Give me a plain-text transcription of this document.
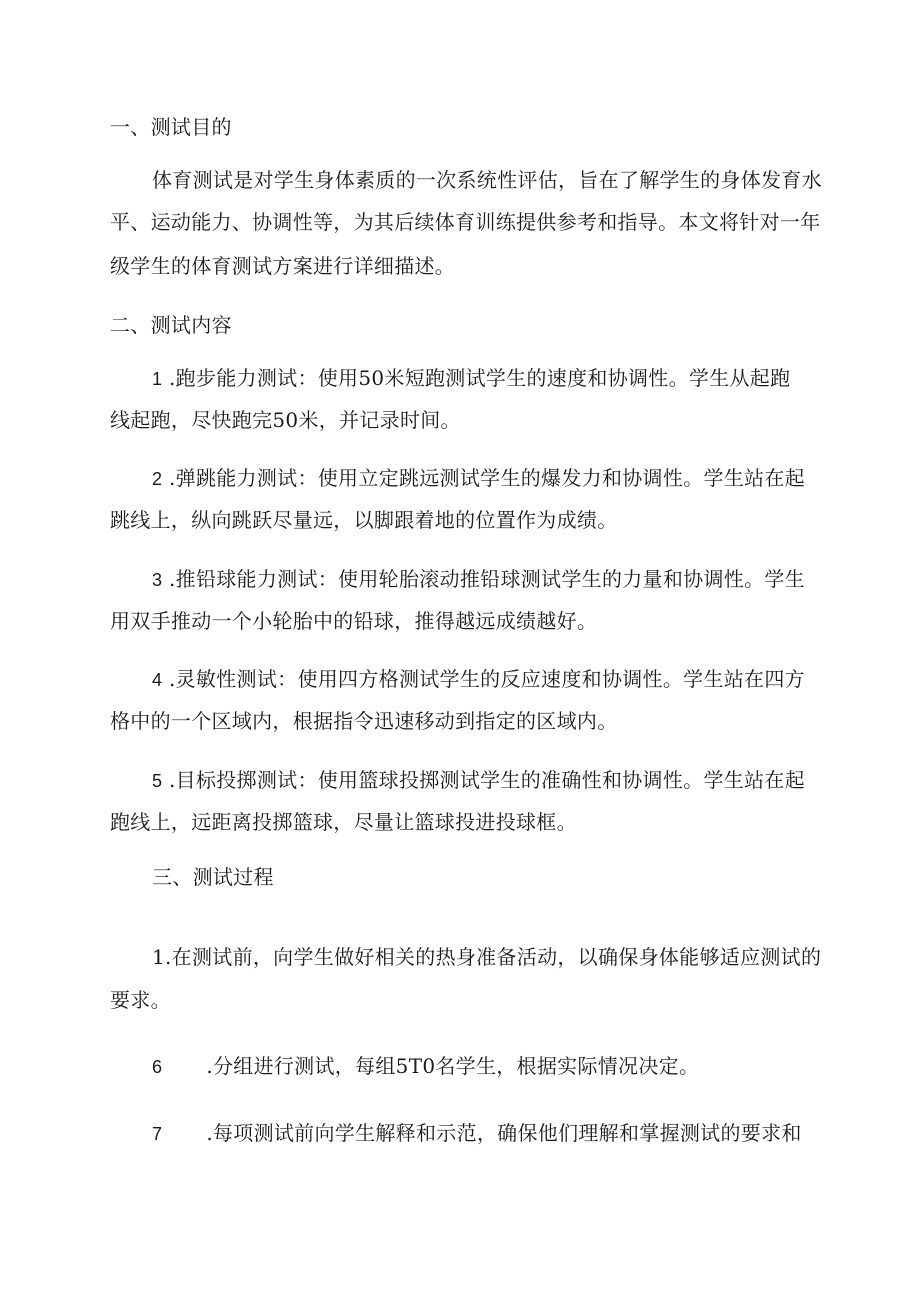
一、测试目的
体育测试是对学生身体素质的一次系统性评估，旨在了解学生的身体发育水
平、运动能力、协调性等，为其后续体育训练提供参考和指导。本文将针对一年
级学生的体育测试方案进行详细描述。
二、测试内容
1 .跑步能力测试：使用50米短跑测试学生的速度和协调性。学生从起跑
线起跑，尽快跑完50米，并记录时间。
2 .弹跳能力测试：使用立定跳远测试学生的爆发力和协调性。学生站在起
跳线上，纵向跳跃尽量远，以脚跟着地的位置作为成绩。
3 .推铅球能力测试：使用轮胎滚动推铅球测试学生的力量和协调性。学生
用双手推动一个小轮胎中的铅球，推得越远成绩越好。
4 .灵敏性测试：使用四方格测试学生的反应速度和协调性。学生站在四方
格中的一个区域内，根据指令迅速移动到指定的区域内。
5 .目标投掷测试：使用篮球投掷测试学生的准确性和协调性。学生站在起
跑线上，远距离投掷篮球，尽量让篮球投进投球框。
三、测试过程
1.在测试前，向学生做好相关的热身准备活动，以确保身体能够适应测试的
要求。
6 .分组进行测试，每组5T0名学生，根据实际情况决定。
7 .每项测试前向学生解释和示范，确保他们理解和掌握测试的要求和
